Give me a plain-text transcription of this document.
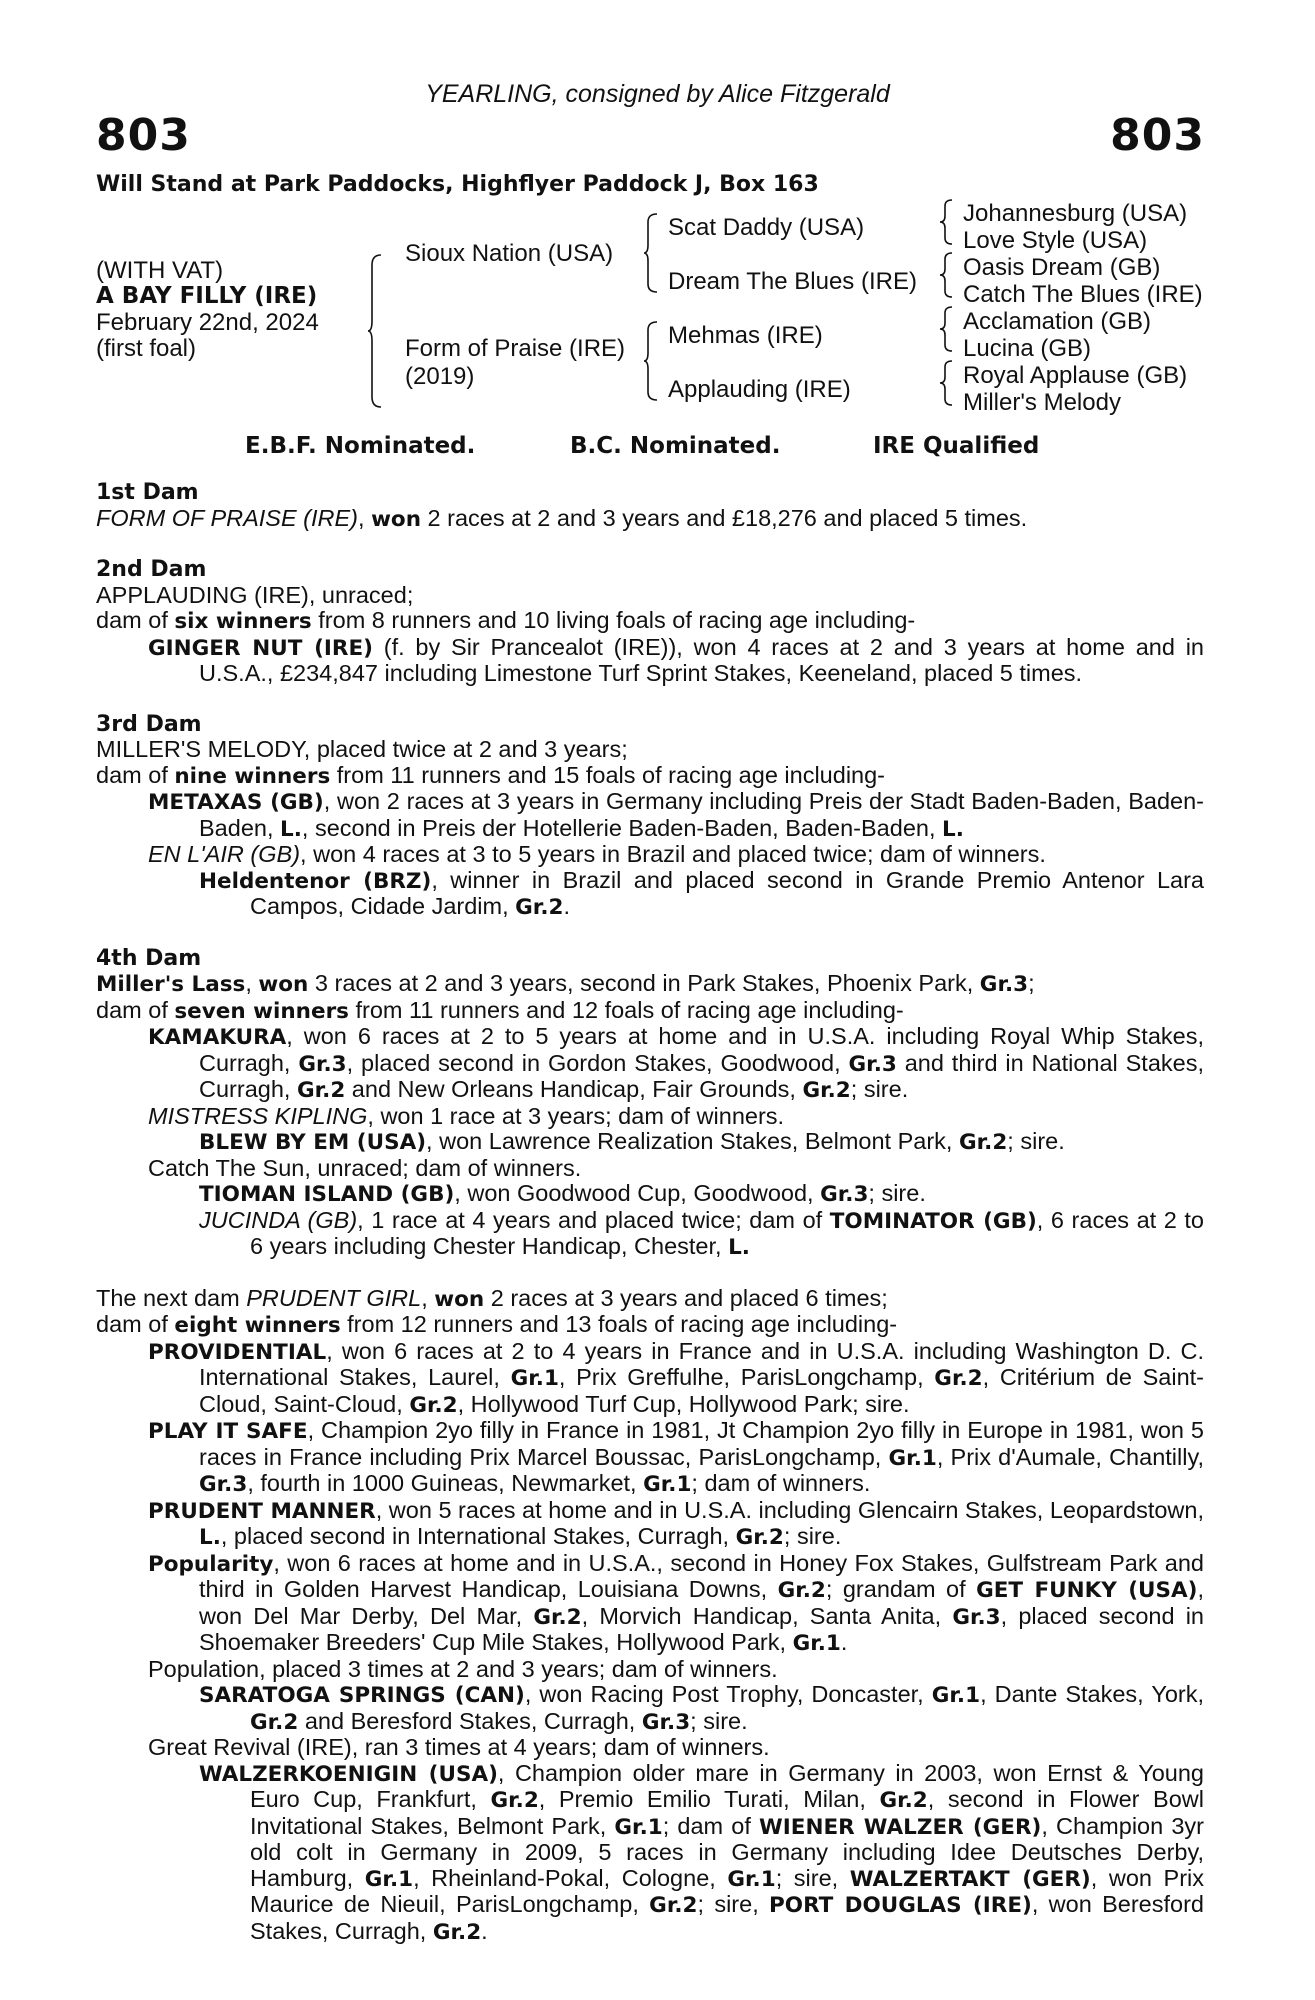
YEARLING, consigned by Alice Fitzgerald
803	803
Will Stand at Park Paddocks, Highflyer Paddock J, Box 163
(WITH VAT)
A BAY FILLY (IRE)
February 22nd, 2024
(first foal)
Sioux Nation (USA)
Form of Praise (IRE)
(2019)
Scat Daddy (USA)
Dream The Blues (IRE)
Mehmas (IRE)
Applauding (IRE)
Johannesburg (USA)
Love Style (USA)
Oasis Dream (GB)
Catch The Blues (IRE)
Acclamation (GB)
Lucina (GB)
Royal Applause (GB)
Miller's Melody
E.B.F. Nominated.	B.C. Nominated.	IRE Qualified
1st Dam
FORM OF PRAISE (IRE), won 2 races at 2 and 3 years and £18,276 and placed 5 times.
2nd Dam
APPLAUDING (IRE), unraced;
dam of six winners from 8 runners and 10 living foals of racing age including-
GINGER NUT (IRE) (f. by Sir Prancealot (IRE)), won 4 races at 2 and 3 years at home and in U.S.A., £234,847 including Limestone Turf Sprint Stakes, Keeneland, placed 5 times.
3rd Dam
MILLER'S MELODY, placed twice at 2 and 3 years;
dam of nine winners from 11 runners and 15 foals of racing age including-
METAXAS (GB), won 2 races at 3 years in Germany including Preis der Stadt Baden-Baden, Baden-Baden, L., second in Preis der Hotellerie Baden-Baden, Baden-Baden, L.
EN L'AIR (GB), won 4 races at 3 to 5 years in Brazil and placed twice; dam of winners.
Heldentenor (BRZ), winner in Brazil and placed second in Grande Premio Antenor Lara Campos, Cidade Jardim, Gr.2.
4th Dam
Miller's Lass, won 3 races at 2 and 3 years, second in Park Stakes, Phoenix Park, Gr.3;
dam of seven winners from 11 runners and 12 foals of racing age including-
KAMAKURA, won 6 races at 2 to 5 years at home and in U.S.A. including Royal Whip Stakes, Curragh, Gr.3, placed second in Gordon Stakes, Goodwood, Gr.3 and third in National Stakes, Curragh, Gr.2 and New Orleans Handicap, Fair Grounds, Gr.2; sire.
MISTRESS KIPLING, won 1 race at 3 years; dam of winners.
BLEW BY EM (USA), won Lawrence Realization Stakes, Belmont Park, Gr.2; sire.
Catch The Sun, unraced; dam of winners.
TIOMAN ISLAND (GB), won Goodwood Cup, Goodwood, Gr.3; sire.
JUCINDA (GB), 1 race at 4 years and placed twice; dam of TOMINATOR (GB), 6 races at 2 to 6 years including Chester Handicap, Chester, L.
The next dam PRUDENT GIRL, won 2 races at 3 years and placed 6 times;
dam of eight winners from 12 runners and 13 foals of racing age including-
PROVIDENTIAL, won 6 races at 2 to 4 years in France and in U.S.A. including Washington D. C. International Stakes, Laurel, Gr.1, Prix Greffulhe, ParisLongchamp, Gr.2, Critérium de Saint-Cloud, Saint-Cloud, Gr.2, Hollywood Turf Cup, Hollywood Park; sire.
PLAY IT SAFE, Champion 2yo filly in France in 1981, Jt Champion 2yo filly in Europe in 1981, won 5 races in France including Prix Marcel Boussac, ParisLongchamp, Gr.1, Prix d'Aumale, Chantilly, Gr.3, fourth in 1000 Guineas, Newmarket, Gr.1; dam of winners.
PRUDENT MANNER, won 5 races at home and in U.S.A. including Glencairn Stakes, Leopardstown, L., placed second in International Stakes, Curragh, Gr.2; sire.
Popularity, won 6 races at home and in U.S.A., second in Honey Fox Stakes, Gulfstream Park and third in Golden Harvest Handicap, Louisiana Downs, Gr.2; grandam of GET FUNKY (USA), won Del Mar Derby, Del Mar, Gr.2, Morvich Handicap, Santa Anita, Gr.3, placed second in Shoemaker Breeders' Cup Mile Stakes, Hollywood Park, Gr.1.
Population, placed 3 times at 2 and 3 years; dam of winners.
SARATOGA SPRINGS (CAN), won Racing Post Trophy, Doncaster, Gr.1, Dante Stakes, York, Gr.2 and Beresford Stakes, Curragh, Gr.3; sire.
Great Revival (IRE), ran 3 times at 4 years; dam of winners.
WALZERKOENIGIN (USA), Champion older mare in Germany in 2003, won Ernst & Young Euro Cup, Frankfurt, Gr.2, Premio Emilio Turati, Milan, Gr.2, second in Flower Bowl Invitational Stakes, Belmont Park, Gr.1; dam of WIENER WALZER (GER), Champion 3yr old colt in Germany in 2009, 5 races in Germany including Idee Deutsches Derby, Hamburg, Gr.1, Rheinland-Pokal, Cologne, Gr.1; sire, WALZERTAKT (GER), won Prix Maurice de Nieuil, ParisLongchamp, Gr.2; sire, PORT DOUGLAS (IRE), won Beresford Stakes, Curragh, Gr.2.
